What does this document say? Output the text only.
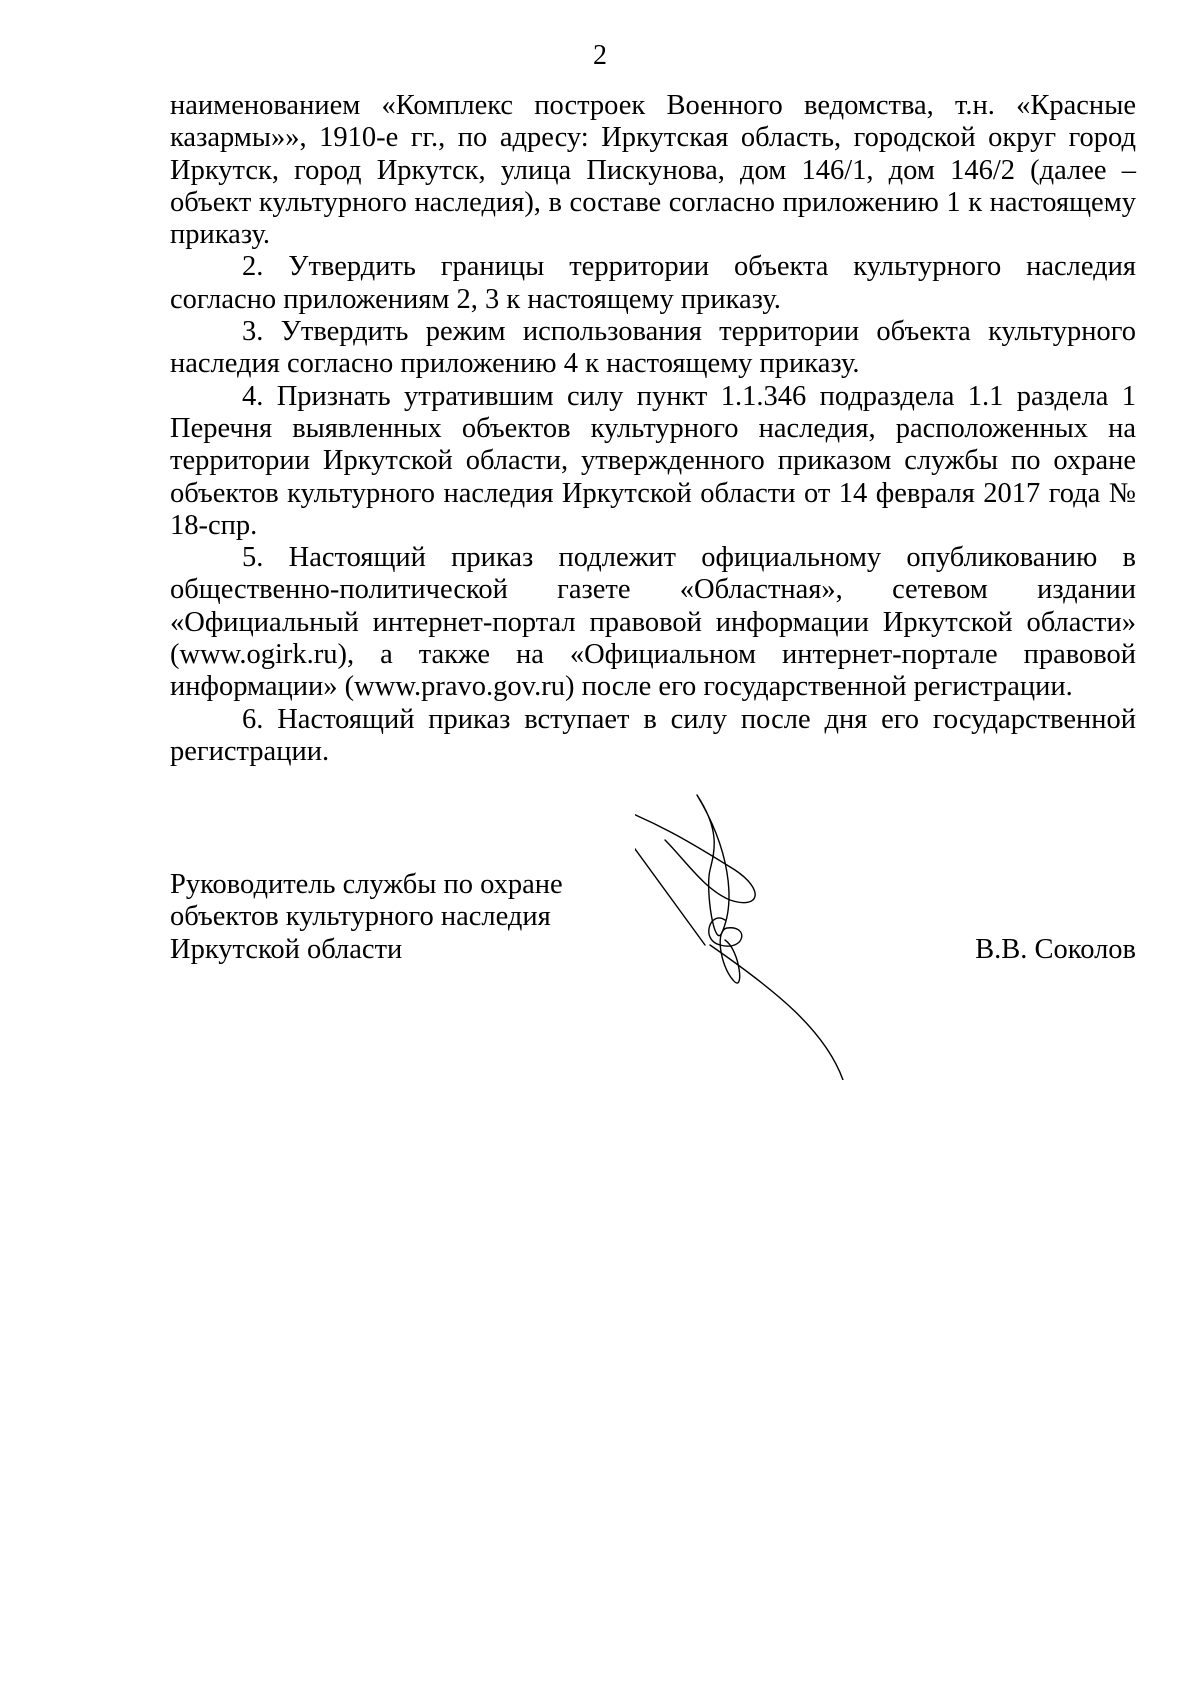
2

наименованием «Комплекс построек Военного ведомства, т.н. «Красные казармы»», 1910-е гг., по адресу: Иркутская область, городской округ город Иркутск, город Иркутск, улица Пискунова, дом 146/1, дом 146/2 (далее – объект культурного наследия), в составе согласно приложению 1 к настоящему приказу.

2. Утвердить границы территории объекта культурного наследия согласно приложениям 2, 3 к настоящему приказу.

3. Утвердить режим использования территории объекта культурного наследия согласно приложению 4 к настоящему приказу.

4. Признать утратившим силу пункт 1.1.346 подраздела 1.1 раздела 1 Перечня выявленных объектов культурного наследия, расположенных на территории Иркутской области, утвержденного приказом службы по охране объектов культурного наследия Иркутской области от 14 февраля 2017 года № 18-спр.

5. Настоящий приказ подлежит официальному опубликованию в общественно-политической газете «Областная», сетевом издании «Официальный интернет-портал правовой информации Иркутской области» (www.ogirk.ru), а также на «Официальном интернет-портале правовой информации» (www.pravo.gov.ru) после его государственной регистрации.

6. Настоящий приказ вступает в силу после дня его государственной регистрации.

Руководитель службы по охране
объектов культурного наследия
Иркутской области	В.В. Соколов
